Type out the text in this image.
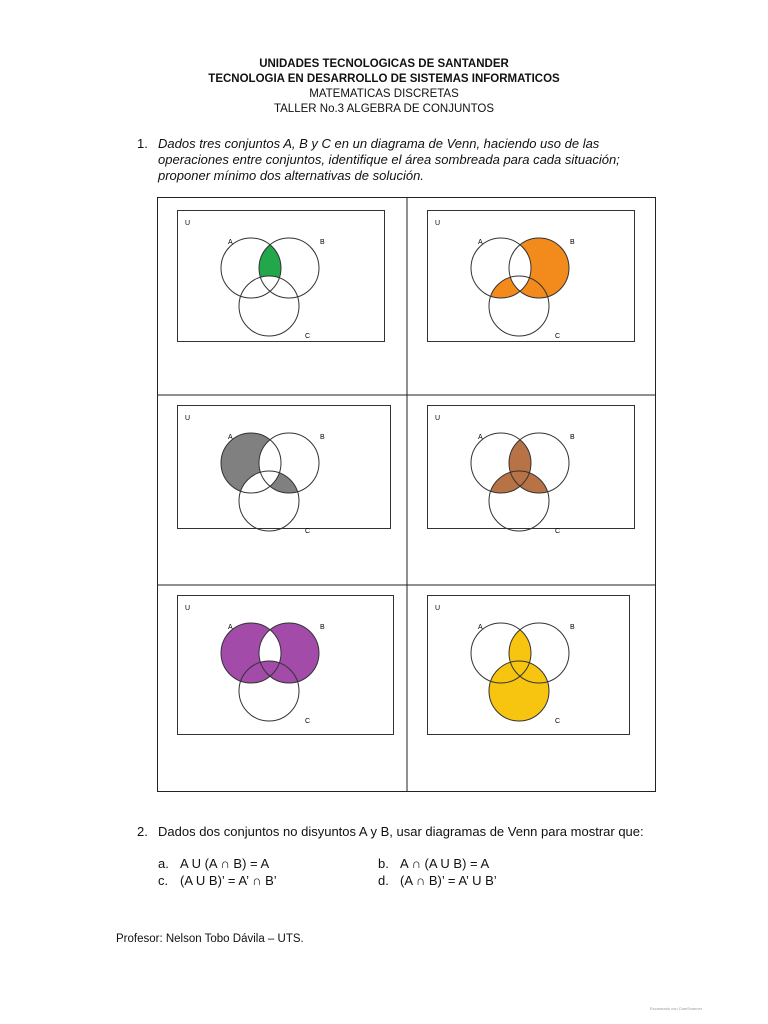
UNIDADES TECNOLOGICAS DE SANTANDER
TECNOLOGIA EN DESARROLLO DE SISTEMAS INFORMATICOS
MATEMATICAS DISCRETAS
TALLER No.3 ALGEBRA DE CONJUNTOS
1. Dados tres conjuntos A, B y C en un diagrama de Venn, haciendo uso de las operaciones entre conjuntos, identifique el área sombreada para cada situación; proponer mínimo dos alternativas de solución.
U
A	B
C
U
A	B
C
U
A	B
C
U
A	B
C
U
A	B
C
U
A	B
C
2. Dados dos conjuntos no disyuntos A y B, usar diagramas de Venn para mostrar que:
a. A U (A ∩ B) = A	b. A ∩ (A U B) = A
c. (A U B)’ = A’ ∩ B’	d. (A ∩ B)’ = A’ U B’
Profesor: Nelson Tobo Dávila – UTS.
Escaneado con CamScanner
